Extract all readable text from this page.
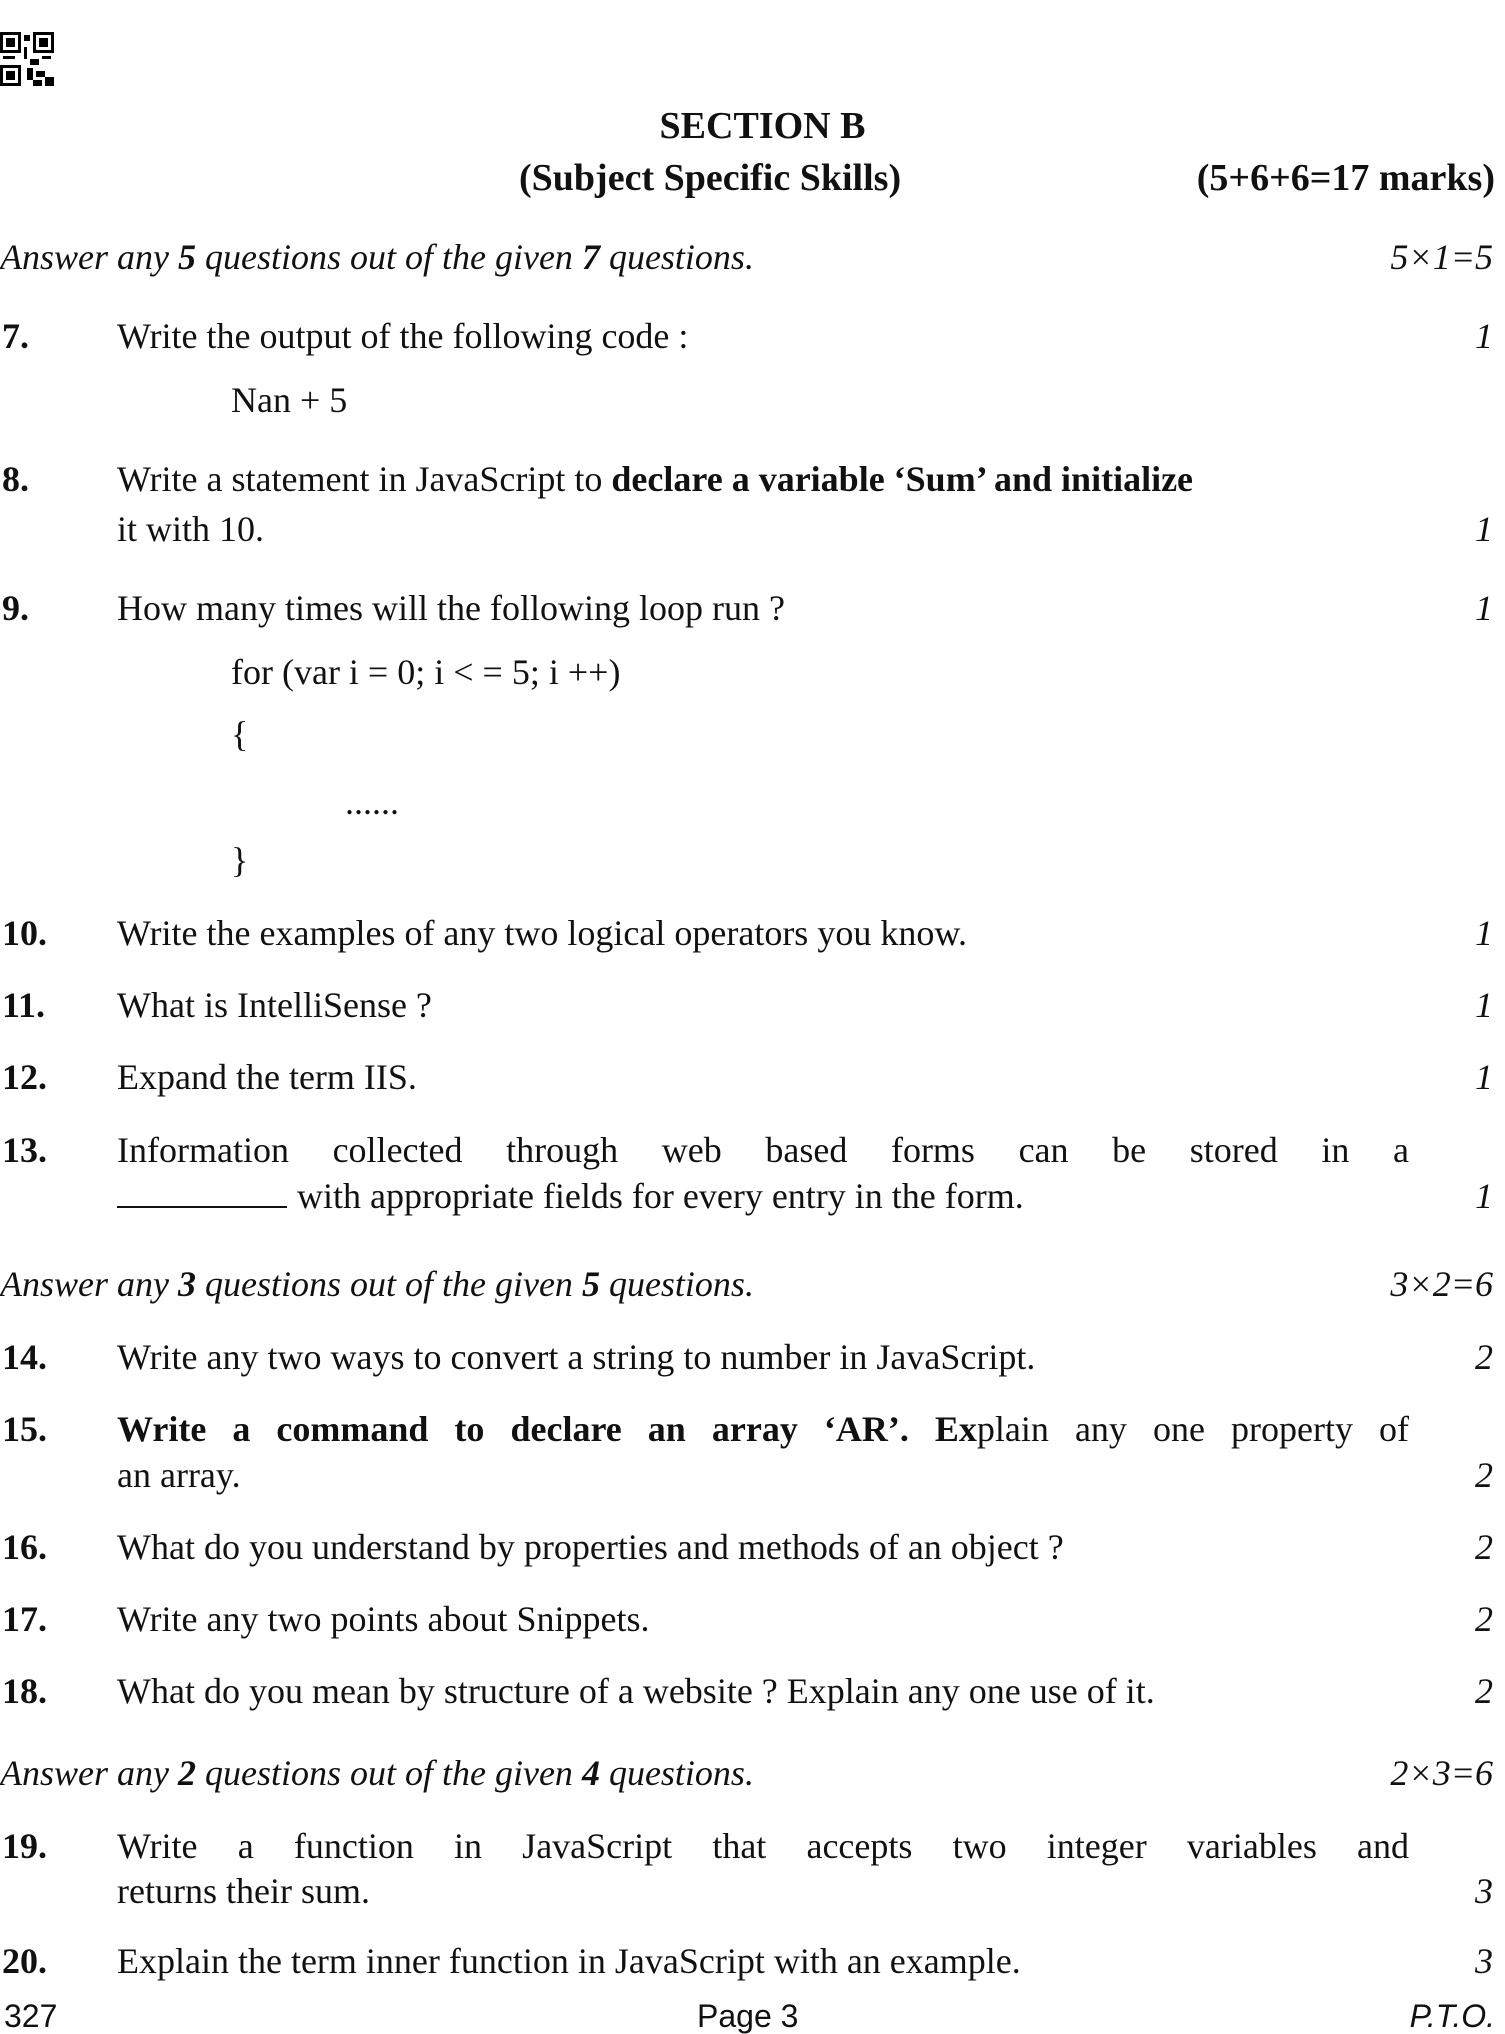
SECTION B
(Subject Specific Skills)	(5+6+6=17 marks)
Answer any 5 questions out of the given 7 questions.	5×1=5
7. Write the output of the following code :
Nan + 5
1
8. Write a statement in JavaScript to declare a variable ‘Sum’ and initialize
it with 10.	1
9. How many times will the following loop run ?	1
for (var i = 0; i < = 5; i ++)
{
......
}
10. Write the examples of any two logical operators you know.	1
11. What is IntelliSense ?	1
12. Expand the term IIS.	1
13. Information collected through web based forms can be stored in a
with appropriate fields for every entry in the form.	1
Answer any 3 questions out of the given 5 questions.	3×2=6
14. Write any two ways to convert a string to number in JavaScript.	2
15. Write a command to declare an array ‘AR’. Explain any one property of
an array.	2
16. What do you understand by properties and methods of an object ?	2
17. Write any two points about Snippets.	2
18. What do you mean by structure of a website ? Explain any one use of it.	2
Answer any 2 questions out of the given 4 questions.	2×3=6
19. Write a function in JavaScript that accepts two integer variables and
returns their sum.	3
20. Explain the term inner function in JavaScript with an example.	3
327	Page 3	P.T.O.
